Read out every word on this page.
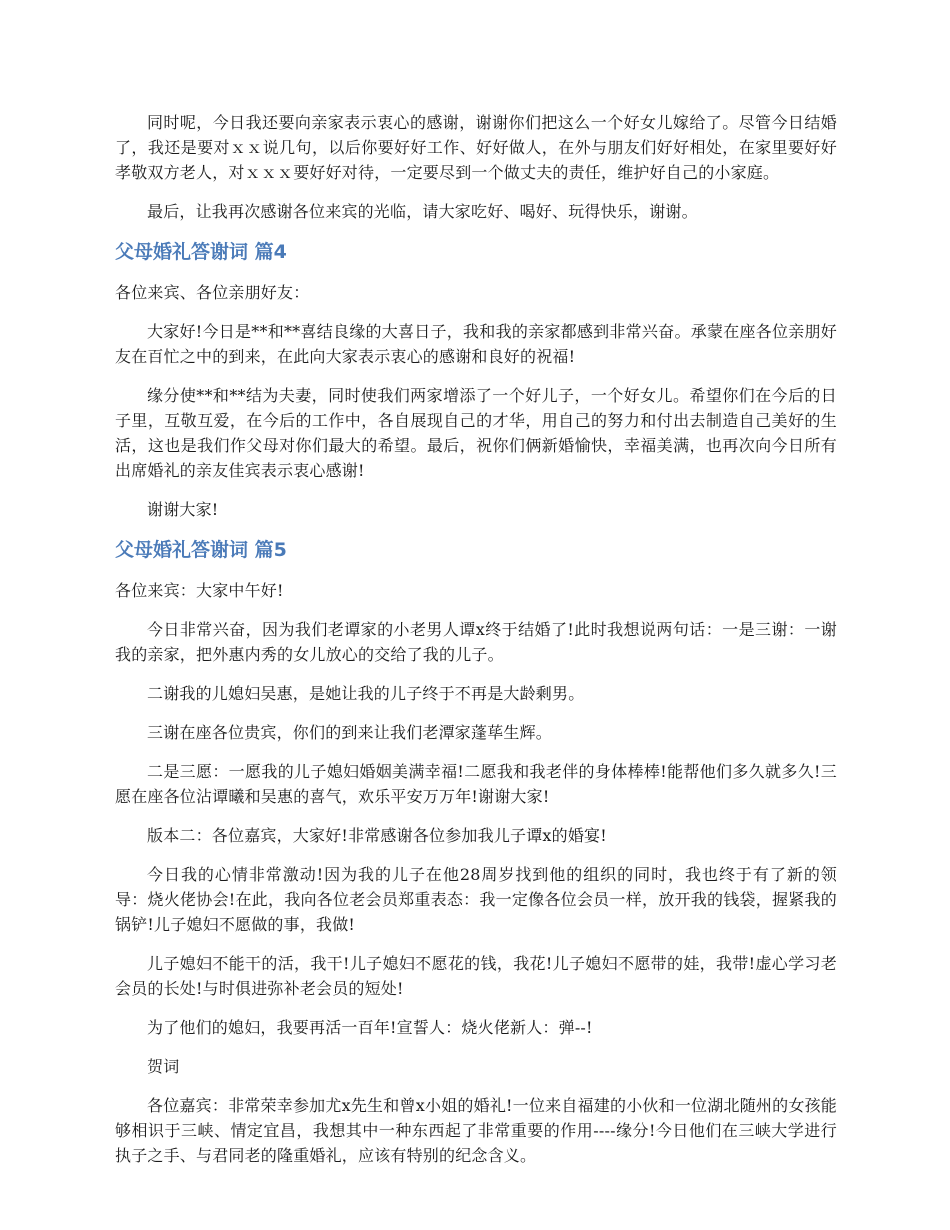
同时呢，今日我还要向亲家表示衷心的感谢，谢谢你们把这么一个好女儿嫁给了。尽管今日结婚了，我还是要对ｘｘ说几句，以后你要好好工作、好好做人，在外与朋友们好好相处，在家里要好好孝敬双方老人，对ｘｘｘ要好好对待，一定要尽到一个做丈夫的责任，维护好自己的小家庭。

最后，让我再次感谢各位来宾的光临，请大家吃好、喝好、玩得快乐，谢谢。

父母婚礼答谢词 篇4

各位来宾、各位亲朋好友：

大家好!今日是**和**喜结良缘的大喜日子，我和我的亲家都感到非常兴奋。承蒙在座各位亲朋好友在百忙之中的到来，在此向大家表示衷心的感谢和良好的祝福!

缘分使**和**结为夫妻，同时使我们两家增添了一个好儿子，一个好女儿。希望你们在今后的日子里，互敬互爱，在今后的工作中，各自展现自己的才华，用自己的努力和付出去制造自己美好的生活，这也是我们作父母对你们最大的希望。最后，祝你们俩新婚愉快，幸福美满，也再次向今日所有出席婚礼的亲友佳宾表示衷心感谢!

谢谢大家!

父母婚礼答谢词 篇5

各位来宾：大家中午好!

今日非常兴奋，因为我们老谭家的小老男人谭x终于结婚了!此时我想说两句话：一是三谢：一谢我的亲家，把外惠内秀的女儿放心的交给了我的儿子。

二谢我的儿媳妇吴惠，是她让我的儿子终于不再是大龄剩男。

三谢在座各位贵宾，你们的到来让我们老潭家蓬荜生辉。

二是三愿：一愿我的儿子媳妇婚姻美满幸福!二愿我和我老伴的身体棒棒!能帮他们多久就多久!三愿在座各位沾谭曦和吴惠的喜气，欢乐平安万万年!谢谢大家!

版本二：各位嘉宾，大家好!非常感谢各位参加我儿子谭x的婚宴!

今日我的心情非常激动!因为我的儿子在他28周岁找到他的组织的同时，我也终于有了新的领导：烧火佬协会!在此，我向各位老会员郑重表态：我一定像各位会员一样，放开我的钱袋，握紧我的锅铲!儿子媳妇不愿做的事，我做!

儿子媳妇不能干的活，我干!儿子媳妇不愿花的钱，我花!儿子媳妇不愿带的娃，我带!虚心学习老会员的长处!与时俱进弥补老会员的短处!

为了他们的媳妇，我要再活一百年!宣誓人：烧火佬新人：弹--!

贺词

各位嘉宾：非常荣幸参加尤x先生和曾x小姐的婚礼!一位来自福建的小伙和一位湖北随州的女孩能够相识于三峡、情定宜昌，我想其中一种东西起了非常重要的作用----缘分!今日他们在三峡大学进行执子之手、与君同老的隆重婚礼，应该有特别的纪念含义。
